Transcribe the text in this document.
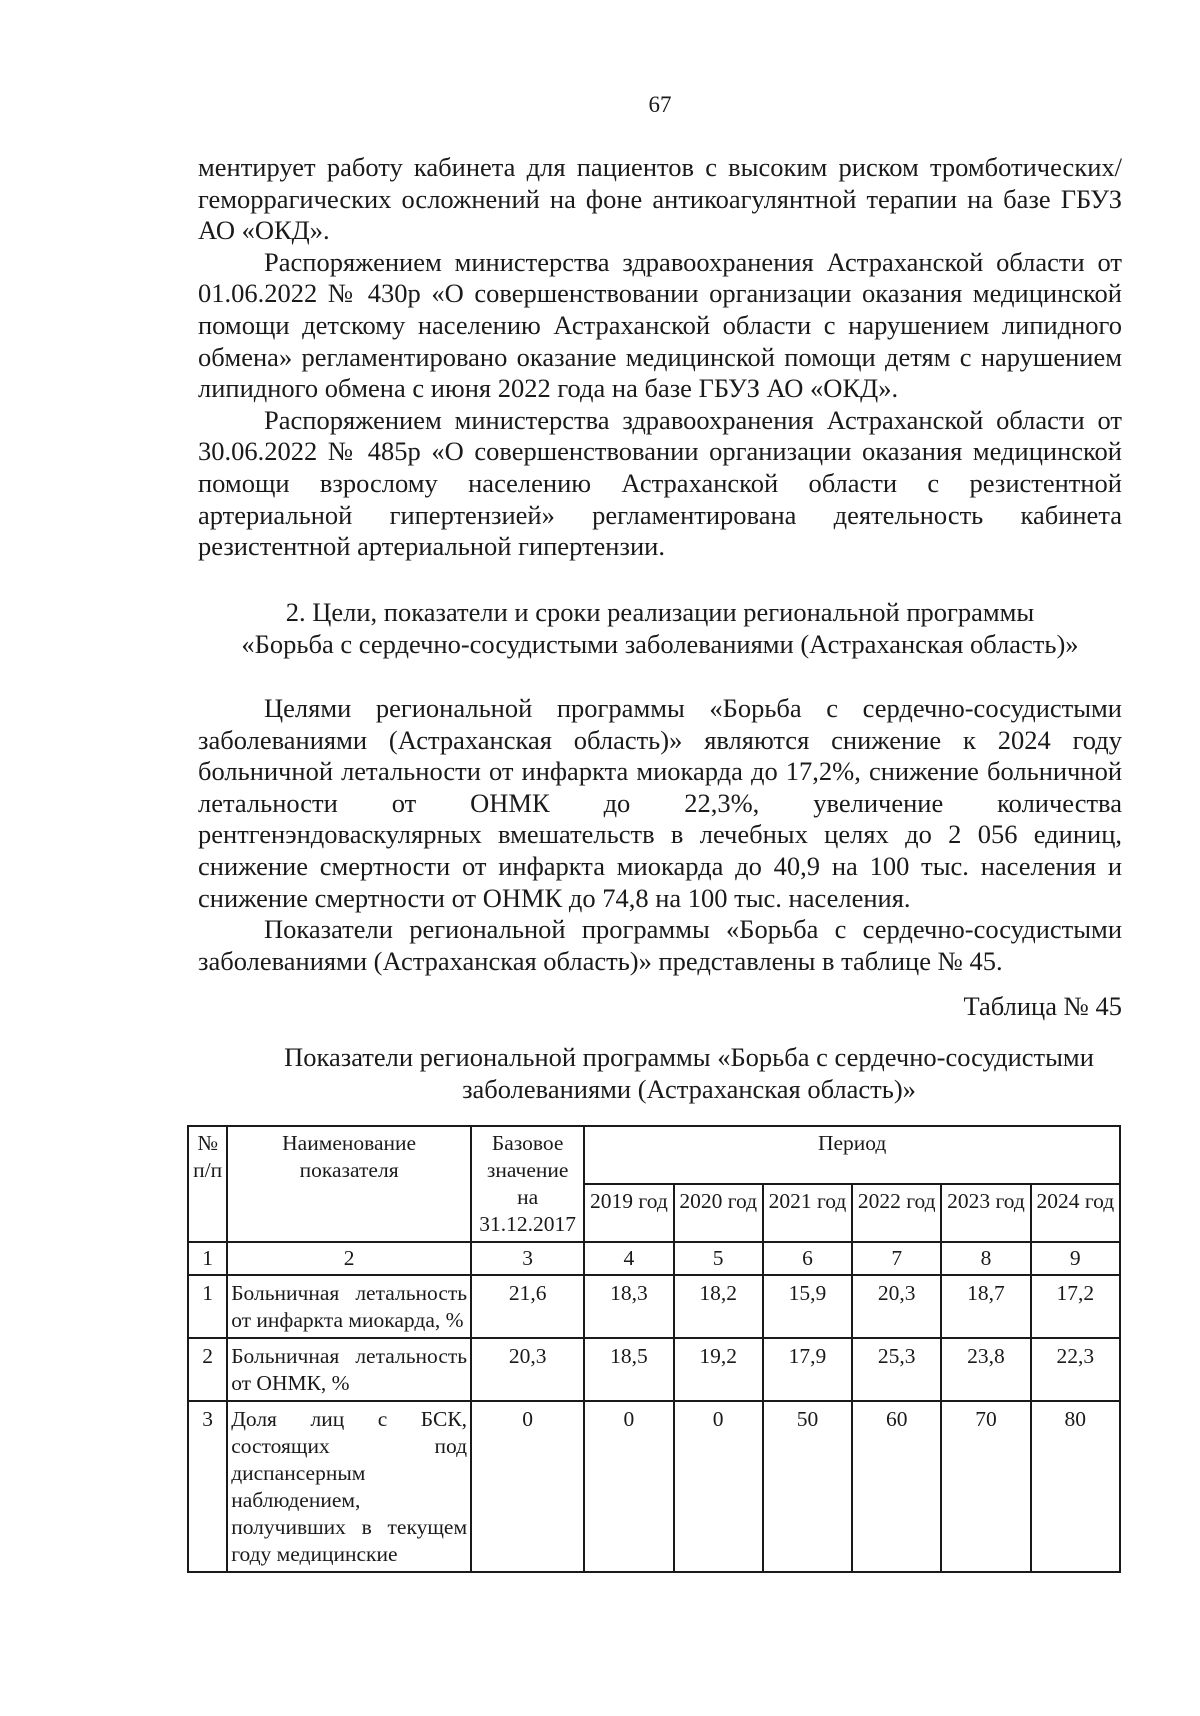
67

ментирует работу кабинета для пациентов с высоким риском тромботических/геморрагических осложнений на фоне антикоагулянтной терапии на базе ГБУЗ АО «ОКД».

Распоряжением министерства здравоохранения Астраханской области от 01.06.2022 № 430р «О совершенствовании организации оказания медицинской помощи детскому населению Астраханской области с нарушением липидного обмена» регламентировано оказание медицинской помощи детям с нарушением липидного обмена с июня 2022 года на базе ГБУЗ АО «ОКД».

Распоряжением министерства здравоохранения Астраханской области от 30.06.2022 № 485р «О совершенствовании организации оказания медицинской помощи взрослому населению Астраханской области с резистентной артериальной гипертензией» регламентирована деятельность кабинета резистентной артериальной гипертензии.

2. Цели, показатели и сроки реализации региональной программы
«Борьба с сердечно-сосудистыми заболеваниями (Астраханская область)»

Целями региональной программы «Борьба с сердечно-сосудистыми заболеваниями (Астраханская область)» являются снижение к 2024 году больничной летальности от инфаркта миокарда до 17,2%, снижение больничной летальности от ОНМК до 22,3%, увеличение количества рентгенэндоваскулярных вмешательств в лечебных целях до 2 056 единиц, снижение смертности от инфаркта миокарда до 40,9 на 100 тыс. населения и снижение смертности от ОНМК до 74,8 на 100 тыс. населения.

Показатели региональной программы «Борьба с сердечно-сосудистыми заболеваниями (Астраханская область)» представлены в таблице № 45.

Таблица № 45
Показатели региональной программы «Борьба с сердечно-сосудистыми заболеваниями (Астраханская область)»
№ п/п	Наименование показателя	Базовое значение на 31.12.2017	Период					
			2019 год	2020 год	2021 год	2022 год	2023 год	2024 год
1	2	3	4	5	6	7	8	9
1	Больничная летальность от инфаркта миокарда, %	21,6	18,3	18,2	15,9	20,3	18,7	17,2
2	Больничная летальность от ОНМК, %	20,3	18,5	19,2	17,9	25,3	23,8	22,3
3	Доля лиц с БСК, состоящих под диспансерным наблюдением, получивших в текущем году медицинские	0	0	0	50	60	70	80
